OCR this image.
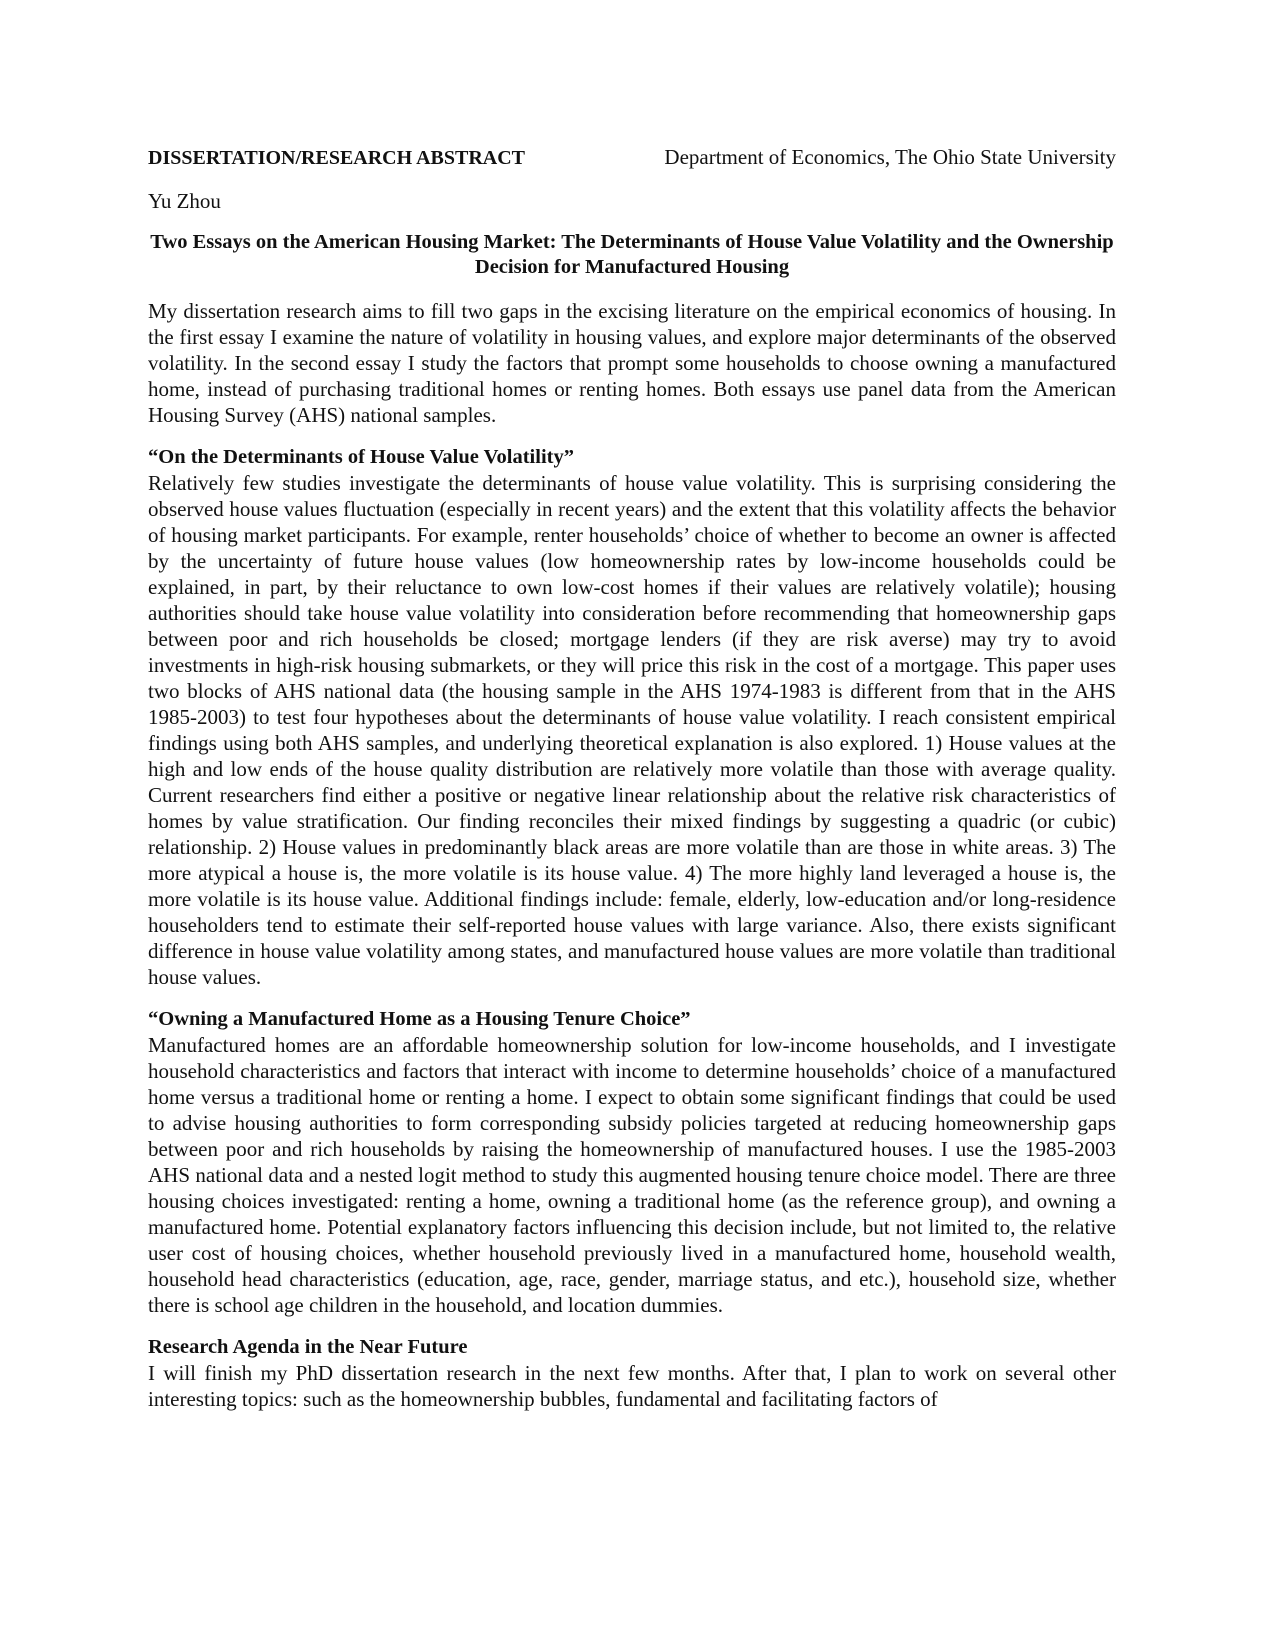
DISSERTATION/RESEARCH ABSTRACT	Department of Economics, The Ohio State University
Yu Zhou
Two Essays on the American Housing Market: The Determinants of House Value Volatility and the Ownership Decision for Manufactured Housing

My dissertation research aims to fill two gaps in the excising literature on the empirical economics of housing. In the first essay I examine the nature of volatility in housing values, and explore major determinants of the observed volatility. In the second essay I study the factors that prompt some households to choose owning a manufactured home, instead of purchasing traditional homes or renting homes. Both essays use panel data from the American Housing Survey (AHS) national samples.

“On the Determinants of House Value Volatility”

Relatively few studies investigate the determinants of house value volatility. This is surprising considering the observed house values fluctuation (especially in recent years) and the extent that this volatility affects the behavior of housing market participants. For example, renter households’ choice of whether to become an owner is affected by the uncertainty of future house values (low homeownership rates by low-income households could be explained, in part, by their reluctance to own low-cost homes if their values are relatively volatile); housing authorities should take house value volatility into consideration before recommending that homeownership gaps between poor and rich households be closed; mortgage lenders (if they are risk averse) may try to avoid investments in high-risk housing submarkets, or they will price this risk in the cost of a mortgage. This paper uses two blocks of AHS national data (the housing sample in the AHS 1974-1983 is different from that in the AHS 1985-2003) to test four hypotheses about the determinants of house value volatility. I reach consistent empirical findings using both AHS samples, and underlying theoretical explanation is also explored. 1) House values at the high and low ends of the house quality distribution are relatively more volatile than those with average quality. Current researchers find either a positive or negative linear relationship about the relative risk characteristics of homes by value stratification. Our finding reconciles their mixed findings by suggesting a quadric (or cubic) relationship. 2) House values in predominantly black areas are more volatile than are those in white areas. 3) The more atypical a house is, the more volatile is its house value. 4) The more highly land leveraged a house is, the more volatile is its house value. Additional findings include: female, elderly, low-education and/or long-residence householders tend to estimate their self-reported house values with large variance. Also, there exists significant difference in house value volatility among states, and manufactured house values are more volatile than traditional house values.

“Owning a Manufactured Home as a Housing Tenure Choice”

Manufactured homes are an affordable homeownership solution for low-income households, and I investigate household characteristics and factors that interact with income to determine households’ choice of a manufactured home versus a traditional home or renting a home. I expect to obtain some significant findings that could be used to advise housing authorities to form corresponding subsidy policies targeted at reducing homeownership gaps between poor and rich households by raising the homeownership of manufactured houses. I use the 1985-2003 AHS national data and a nested logit method to study this augmented housing tenure choice model. There are three housing choices investigated: renting a home, owning a traditional home (as the reference group), and owning a manufactured home. Potential explanatory factors influencing this decision include, but not limited to, the relative user cost of housing choices, whether household previously lived in a manufactured home, household wealth, household head characteristics (education, age, race, gender, marriage status, and etc.), household size, whether there is school age children in the household, and location dummies.

Research Agenda in the Near Future

I will finish my PhD dissertation research in the next few months. After that, I plan to work on several other interesting topics: such as the homeownership bubbles, fundamental and facilitating factors of
